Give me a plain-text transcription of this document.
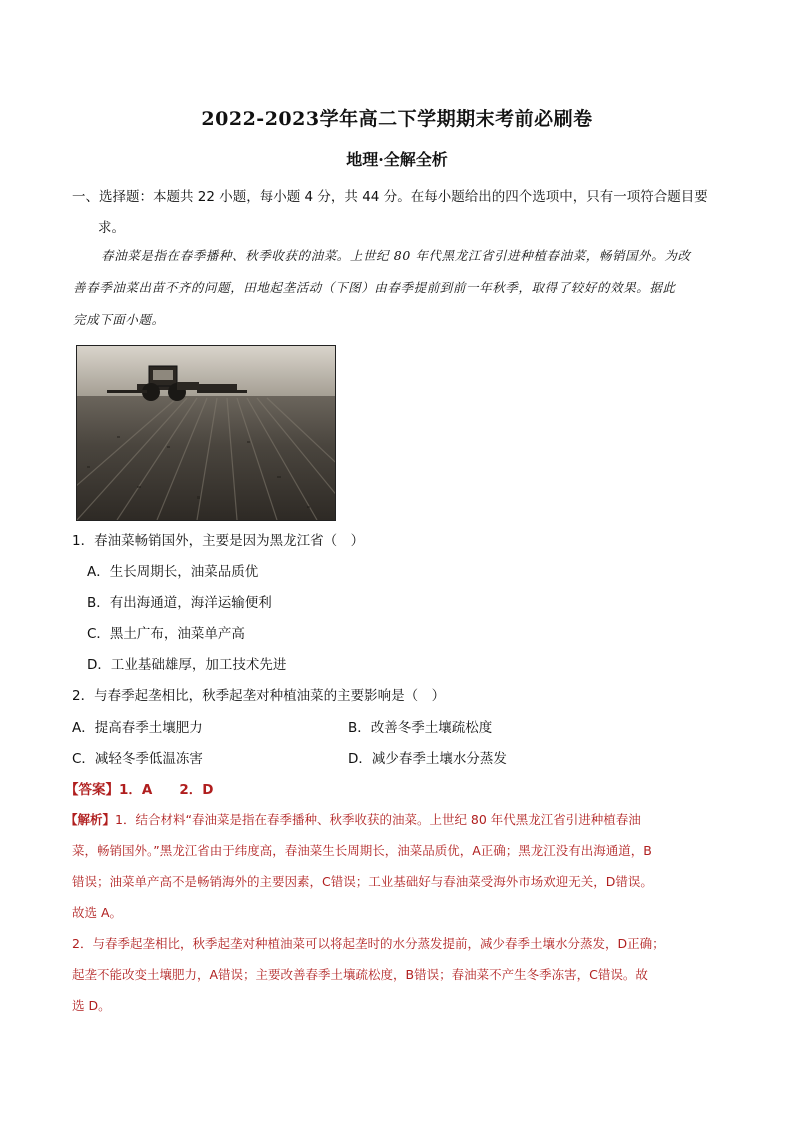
2022-2023学年高二下学期期末考前必刷卷
地理·全解全析
一、选择题：本题共 22 小题，每小题 4 分，共 44 分。在每小题给出的四个选项中，只有一项符合题目要
求。
春油菜是指在春季播种、秋季收获的油菜。上世纪 80 年代黑龙江省引进种植春油菜，畅销国外。为改
善春季油菜出苗不齐的问题，田地起垄活动（下图）由春季提前到前一年秋季，取得了较好的效果。据此
完成下面小题。
1．春油菜畅销国外，主要是因为黑龙江省（　）
A．生长周期长，油菜品质优
B．有出海通道，海洋运输便利
C．黑土广布，油菜单产高
D．工业基础雄厚，加工技术先进
2．与春季起垄相比，秋季起垄对种植油菜的主要影响是（　）
A．提高春季土壤肥力	B．改善冬季土壤疏松度
C．减轻冬季低温冻害	D．减少春季土壤水分蒸发
【答案】1．A　　2．D
【解析】1．结合材料“春油菜是指在春季播种、秋季收获的油菜。上世纪 80 年代黑龙江省引进种植春油
菜，畅销国外。”黑龙江省由于纬度高，春油菜生长周期长，油菜品质优，A正确；黑龙江没有出海通道，B
错误；油菜单产高不是畅销海外的主要因素，C错误；工业基础好与春油菜受海外市场欢迎无关，D错误。
故选 A。
2．与春季起垄相比，秋季起垄对种植油菜可以将起垄时的水分蒸发提前，减少春季土壤水分蒸发，D正确；
起垄不能改变土壤肥力，A错误；主要改善春季土壤疏松度，B错误；春油菜不产生冬季冻害，C错误。故
选 D。
